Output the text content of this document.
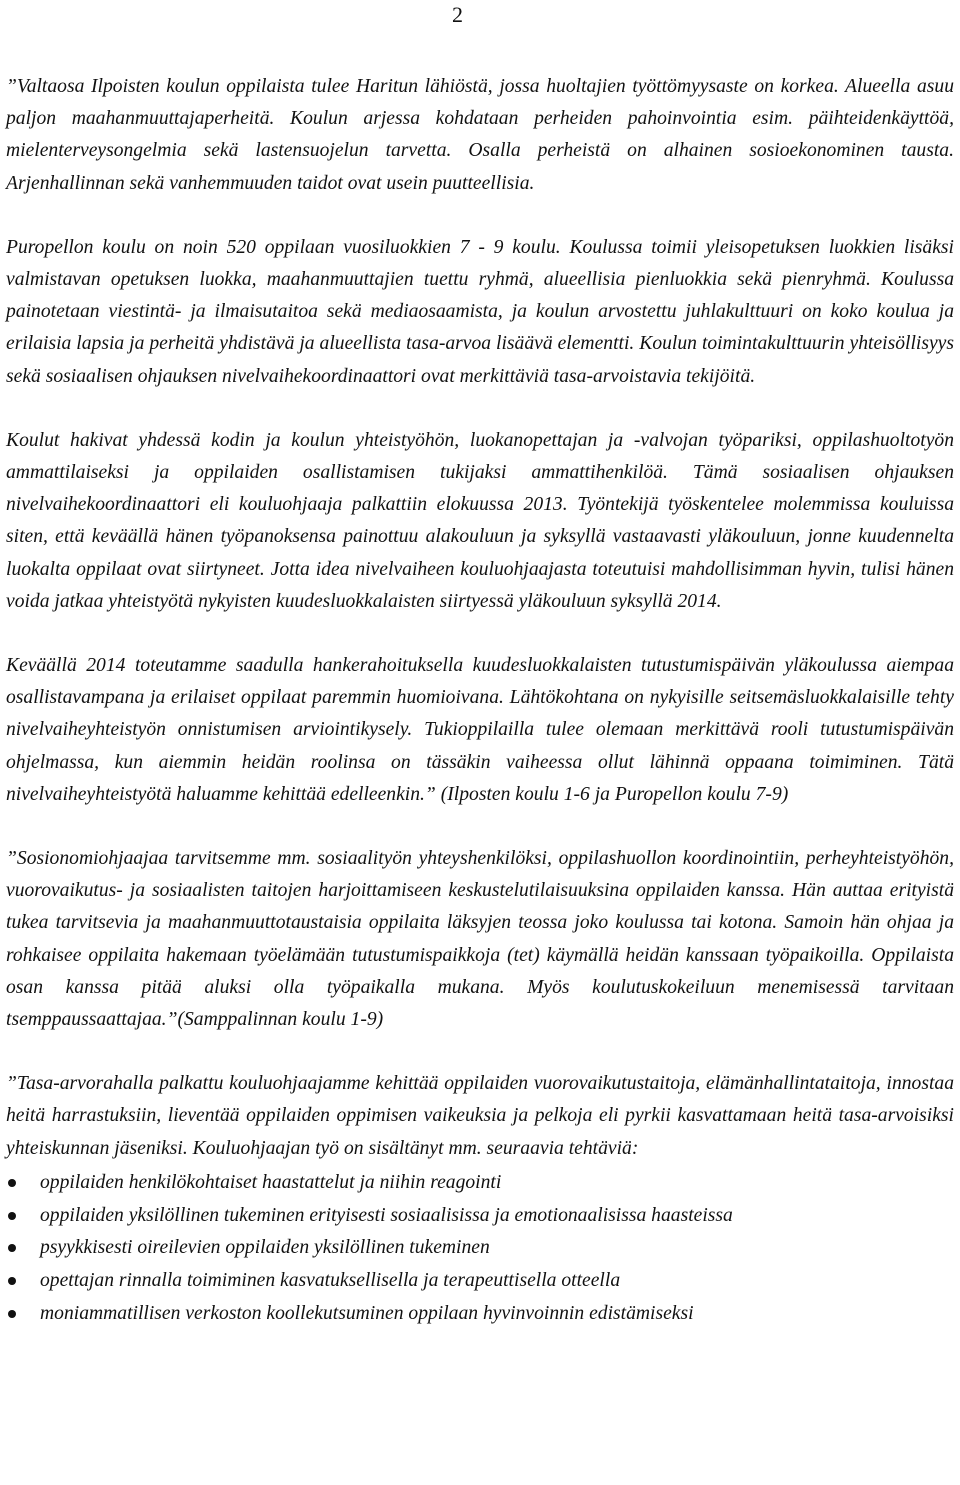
2

”Valtaosa Ilpoisten koulun oppilaista tulee Haritun lähiöstä, jossa huoltajien työttömyysaste on korkea. Alueella asuu paljon maahanmuuttajaperheitä. Koulun arjessa kohdataan perheiden pahoinvointia esim. päihteidenkäyttöä, mielenterveysongelmia sekä lastensuojelun tarvetta. Osalla perheistä on alhainen sosioekonominen tausta. Arjenhallinnan sekä vanhemmuuden taidot ovat usein puutteellisia.

Puropellon koulu on noin 520 oppilaan vuosiluokkien 7 - 9 koulu. Koulussa toimii yleisopetuksen luokkien lisäksi valmistavan opetuksen luokka, maahanmuuttajien tuettu ryhmä, alueellisia pienluokkia sekä pienryhmä. Koulussa painotetaan viestintä- ja ilmaisutaitoa sekä mediaosaamista, ja koulun arvostettu juhlakulttuuri on koko koulua ja erilaisia lapsia ja perheitä yhdistävä ja alueellista tasa-arvoa lisäävä elementti. Koulun toimintakulttuurin yhteisöllisyys sekä sosiaalisen ohjauksen nivelvaihekoordinaattori ovat merkittäviä tasa-arvoistavia tekijöitä.

Koulut hakivat yhdessä kodin ja koulun yhteistyöhön, luokanopettajan ja -valvojan työpariksi, oppilashuoltotyön ammattilaiseksi ja oppilaiden osallistamisen tukijaksi ammattihenkilöä. Tämä sosiaalisen ohjauksen nivelvaihekoordinaattori eli kouluohjaaja palkattiin elokuussa 2013. Työntekijä työskentelee molemmissa kouluissa siten, että keväällä hänen työpanoksensa painottuu alakouluun ja syksyllä vastaavasti yläkouluun, jonne kuudennelta luokalta oppilaat ovat siirtyneet. Jotta idea nivelvaiheen kouluohjaajasta toteutuisi mahdollisimman hyvin, tulisi hänen voida jatkaa yhteistyötä nykyisten kuudesluokkalaisten siirtyessä yläkouluun syksyllä 2014.

Keväällä 2014 toteutamme saadulla hankerahoituksella kuudesluokkalaisten tutustumispäivän yläkoulussa aiempaa osallistavampana ja erilaiset oppilaat paremmin huomioivana. Lähtökohtana on nykyisille seitsemäsluokkalaisille tehty nivelvaiheyhteistyön onnistumisen arviointikysely. Tukioppilailla tulee olemaan merkittävä rooli tutustumispäivän ohjelmassa, kun aiemmin heidän roolinsa on tässäkin vaiheessa ollut lähinnä oppaana toimiminen. Tätä nivelvaiheyhteistyötä haluamme kehittää edelleenkin.” (Ilposten koulu 1-6 ja Puropellon koulu 7-9)

”Sosionomiohjaajaa tarvitsemme mm. sosiaalityön yhteyshenkilöksi, oppilashuollon koordinointiin, perheyhteistyöhön, vuorovaikutus- ja sosiaalisten taitojen harjoittamiseen keskustelutilaisuuksina oppilaiden kanssa. Hän auttaa erityistä tukea tarvitsevia ja maahanmuuttotaustaisia oppilaita läksyjen teossa joko koulussa tai kotona. Samoin hän ohjaa ja rohkaisee oppilaita hakemaan työelämään tutustumispaikkoja (tet) käymällä heidän kanssaan työpaikoilla. Oppilaista osan kanssa pitää aluksi olla työpaikalla mukana. Myös koulutuskokeiluun menemisessä tarvitaan tsemppaussaattajaa.”(Samppalinnan koulu 1-9)

”Tasa-arvorahalla palkattu kouluohjaajamme kehittää oppilaiden vuorovaikutustaitoja, elämänhallintataitoja, innostaa heitä harrastuksiin, lieventää oppilaiden oppimisen vaikeuksia ja pelkoja eli pyrkii kasvattamaan heitä tasa-arvoisiksi yhteiskunnan jäseniksi. Kouluohjaajan työ on sisältänyt mm. seuraavia tehtäviä:

oppilaiden henkilökohtaiset haastattelut ja niihin reagointi
oppilaiden yksilöllinen tukeminen erityisesti sosiaalisissa ja emotionaalisissa haasteissa
psyykkisesti oireilevien oppilaiden yksilöllinen tukeminen
opettajan rinnalla toimiminen kasvatuksellisella ja terapeuttisella otteella
moniammatillisen verkoston koollekutsuminen oppilaan hyvinvoinnin edistämiseksi
